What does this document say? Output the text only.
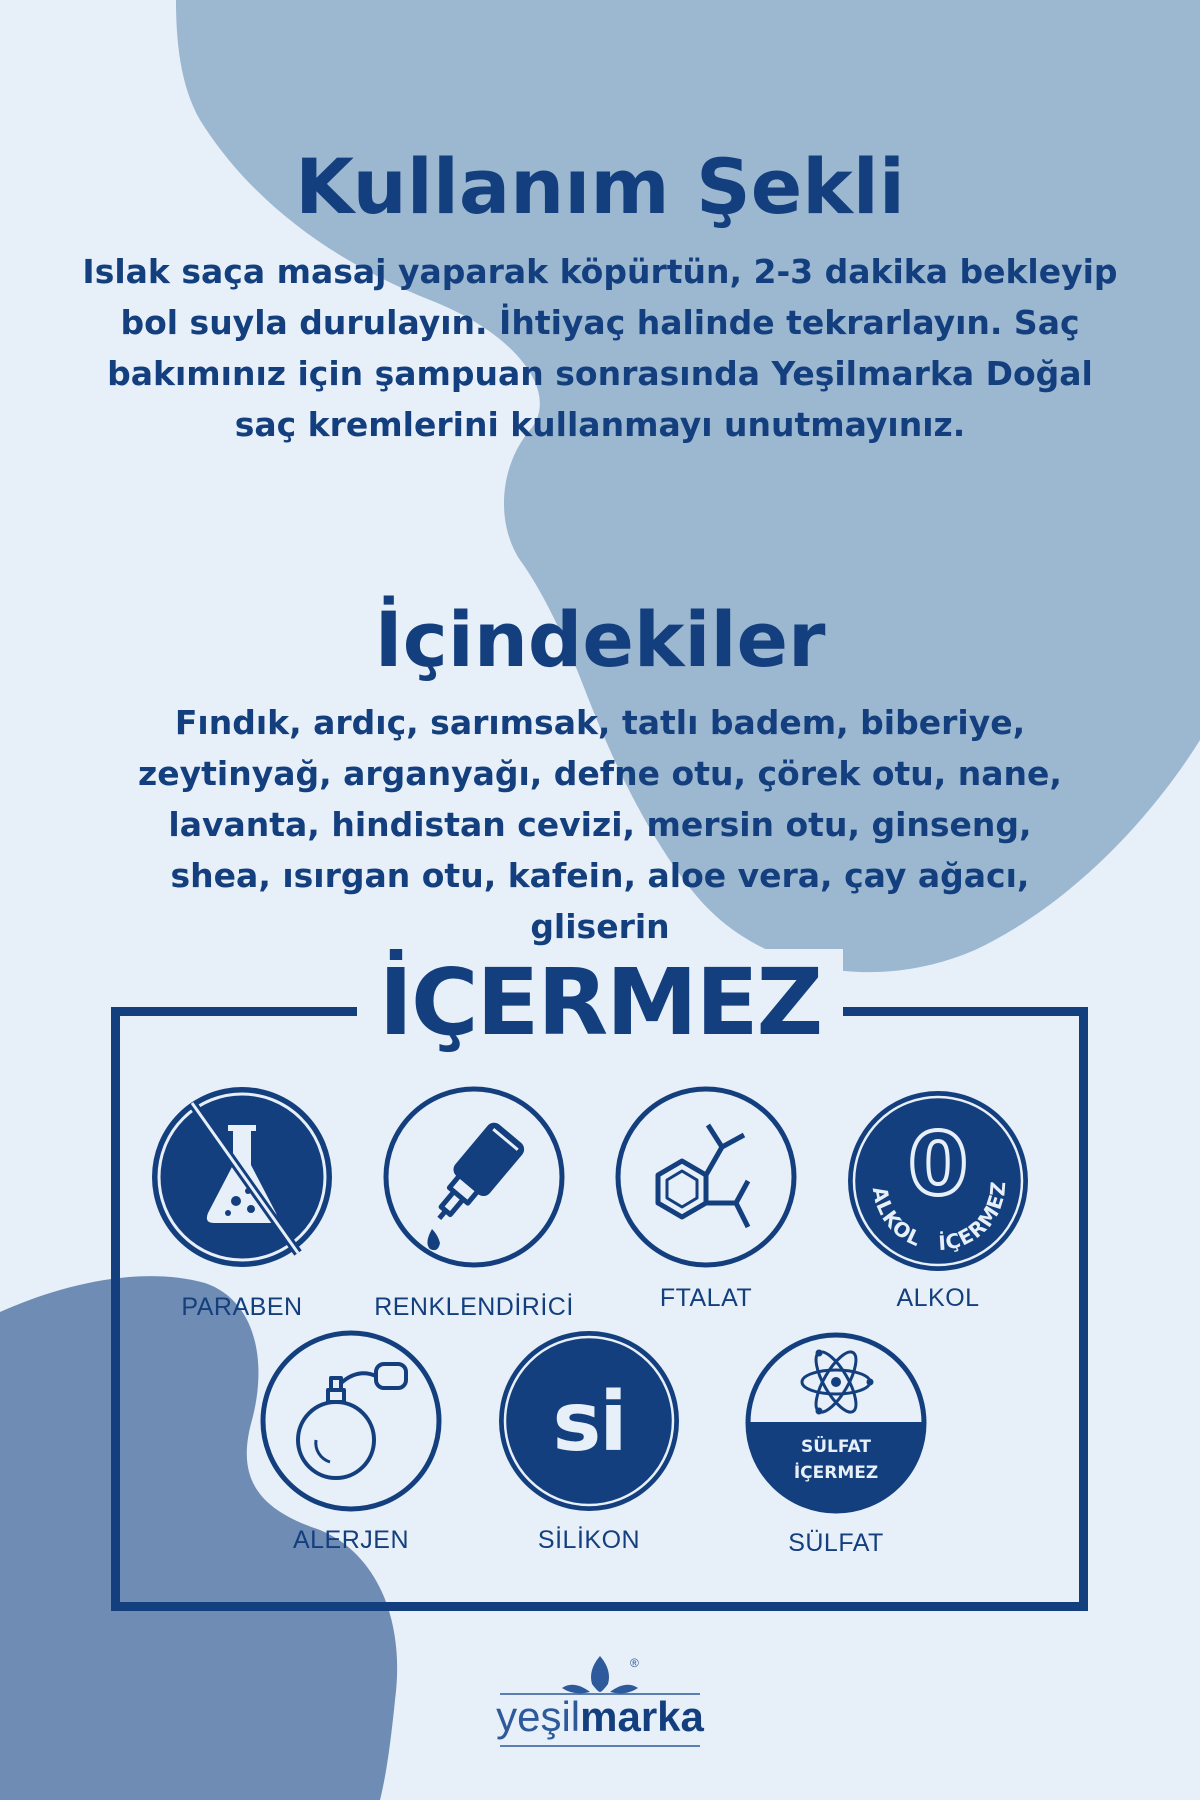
Kullanım Şekli
Islak saça masaj yaparak köpürtün, 2-3 dakika bekleyip
bol suyla durulayın. İhtiyaç halinde tekrarlayın. Saç
bakımınız için şampuan sonrasında Yeşilmarka Doğal
saç kremlerini kullanmayı unutmayınız.
İçindekiler
Fındık, ardıç, sarımsak, tatlı badem, biberiye,
zeytinyağ, arganyağı, defne otu, çörek otu, nane,
lavanta, hindistan cevizi, mersin otu, ginseng,
shea, ısırgan otu, kafein, aloe vera, çay ağacı,
gliserin
İÇERMEZ
PARABEN	RENKLENDİRİCİ	FTALAT
0
ALKOL İÇERMEZ
ALKOL
ALERJEN
si
SİLİKON
SÜLFAT
İÇERMEZ
SÜLFAT
yeşilmarka
®
